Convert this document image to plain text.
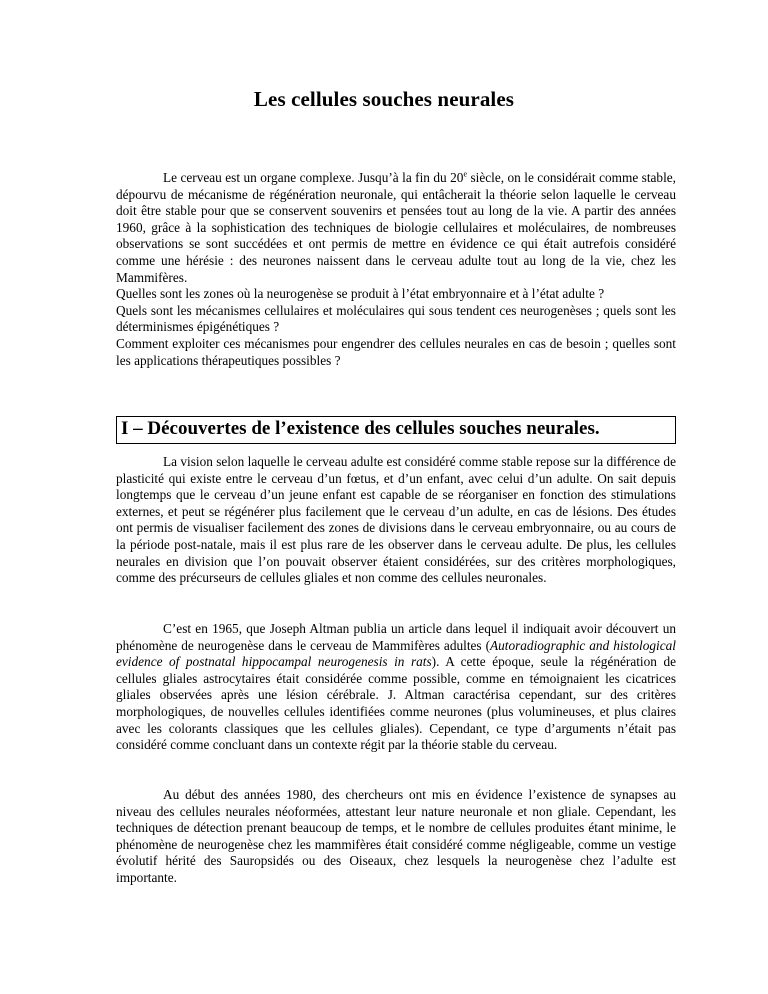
Les cellules souches neurales

Le cerveau est un organe complexe. Jusqu’à la fin du 20e siècle, on le considérait comme stable, dépourvu de mécanisme de régénération neuronale, qui entâcherait la théorie selon laquelle le cerveau doit être stable pour que se conservent souvenirs et pensées tout au long de la vie. A partir des années 1960, grâce à la sophistication des techniques de biologie cellulaires et moléculaires, de nombreuses observations se sont succédées et ont permis de mettre en évidence ce qui était autrefois considéré comme une hérésie : des neurones naissent dans le cerveau adulte tout au long de la vie, chez les Mammifères.

Quelles sont les zones où la neurogenèse se produit à l’état embryonnaire et à l’état adulte ?

Quels sont les mécanismes cellulaires et moléculaires qui sous tendent ces neurogenèses ; quels sont les déterminismes épigénétiques ?

Comment exploiter ces mécanismes pour engendrer des cellules neurales en cas de besoin ; quelles sont les applications thérapeutiques possibles ?

I – Découvertes de l’existence des cellules souches neurales.

La vision selon laquelle le cerveau adulte est considéré comme stable repose sur la différence de plasticité qui existe entre le cerveau d’un fœtus, et d’un enfant, avec celui d’un adulte. On sait depuis longtemps que le cerveau d’un jeune enfant est capable de se réorganiser en fonction des stimulations externes, et peut se régénérer plus facilement que le cerveau d’un adulte, en cas de lésions. Des études ont permis de visualiser facilement des zones de divisions dans le cerveau embryonnaire, ou au cours de la période post-natale, mais il est plus rare de les observer dans le cerveau adulte. De plus, les cellules neurales en division que l’on pouvait observer étaient considérées, sur des critères morphologiques, comme des précurseurs de cellules gliales et non comme des cellules neuronales.

C’est en 1965, que Joseph Altman publia un article dans lequel il indiquait avoir découvert un phénomène de neurogenèse dans le cerveau de Mammifères adultes (Autoradiographic and histological evidence of postnatal hippocampal neurogenesis in rats). A cette époque, seule la régénération de cellules gliales astrocytaires était considérée comme possible, comme en témoignaient les cicatrices gliales observées après une lésion cérébrale. J. Altman caractérisa cependant, sur des critères morphologiques, de nouvelles cellules identifiées comme neurones (plus volumineuses, et plus claires avec les colorants classiques que les cellules gliales). Cependant, ce type d’arguments n’était pas considéré comme concluant dans un contexte régit par la théorie stable du cerveau.

Au début des années 1980, des chercheurs ont mis en évidence l’existence de synapses au niveau des cellules neurales néoformées, attestant leur nature neuronale et non gliale. Cependant, les techniques de détection prenant beaucoup de temps, et le nombre de cellules produites étant minime, le phénomène de neurogenèse chez les mammifères était considéré comme négligeable, comme un vestige évolutif hérité des Sauropsidés ou des Oiseaux, chez lesquels la neurogenèse chez l’adulte est importante.
